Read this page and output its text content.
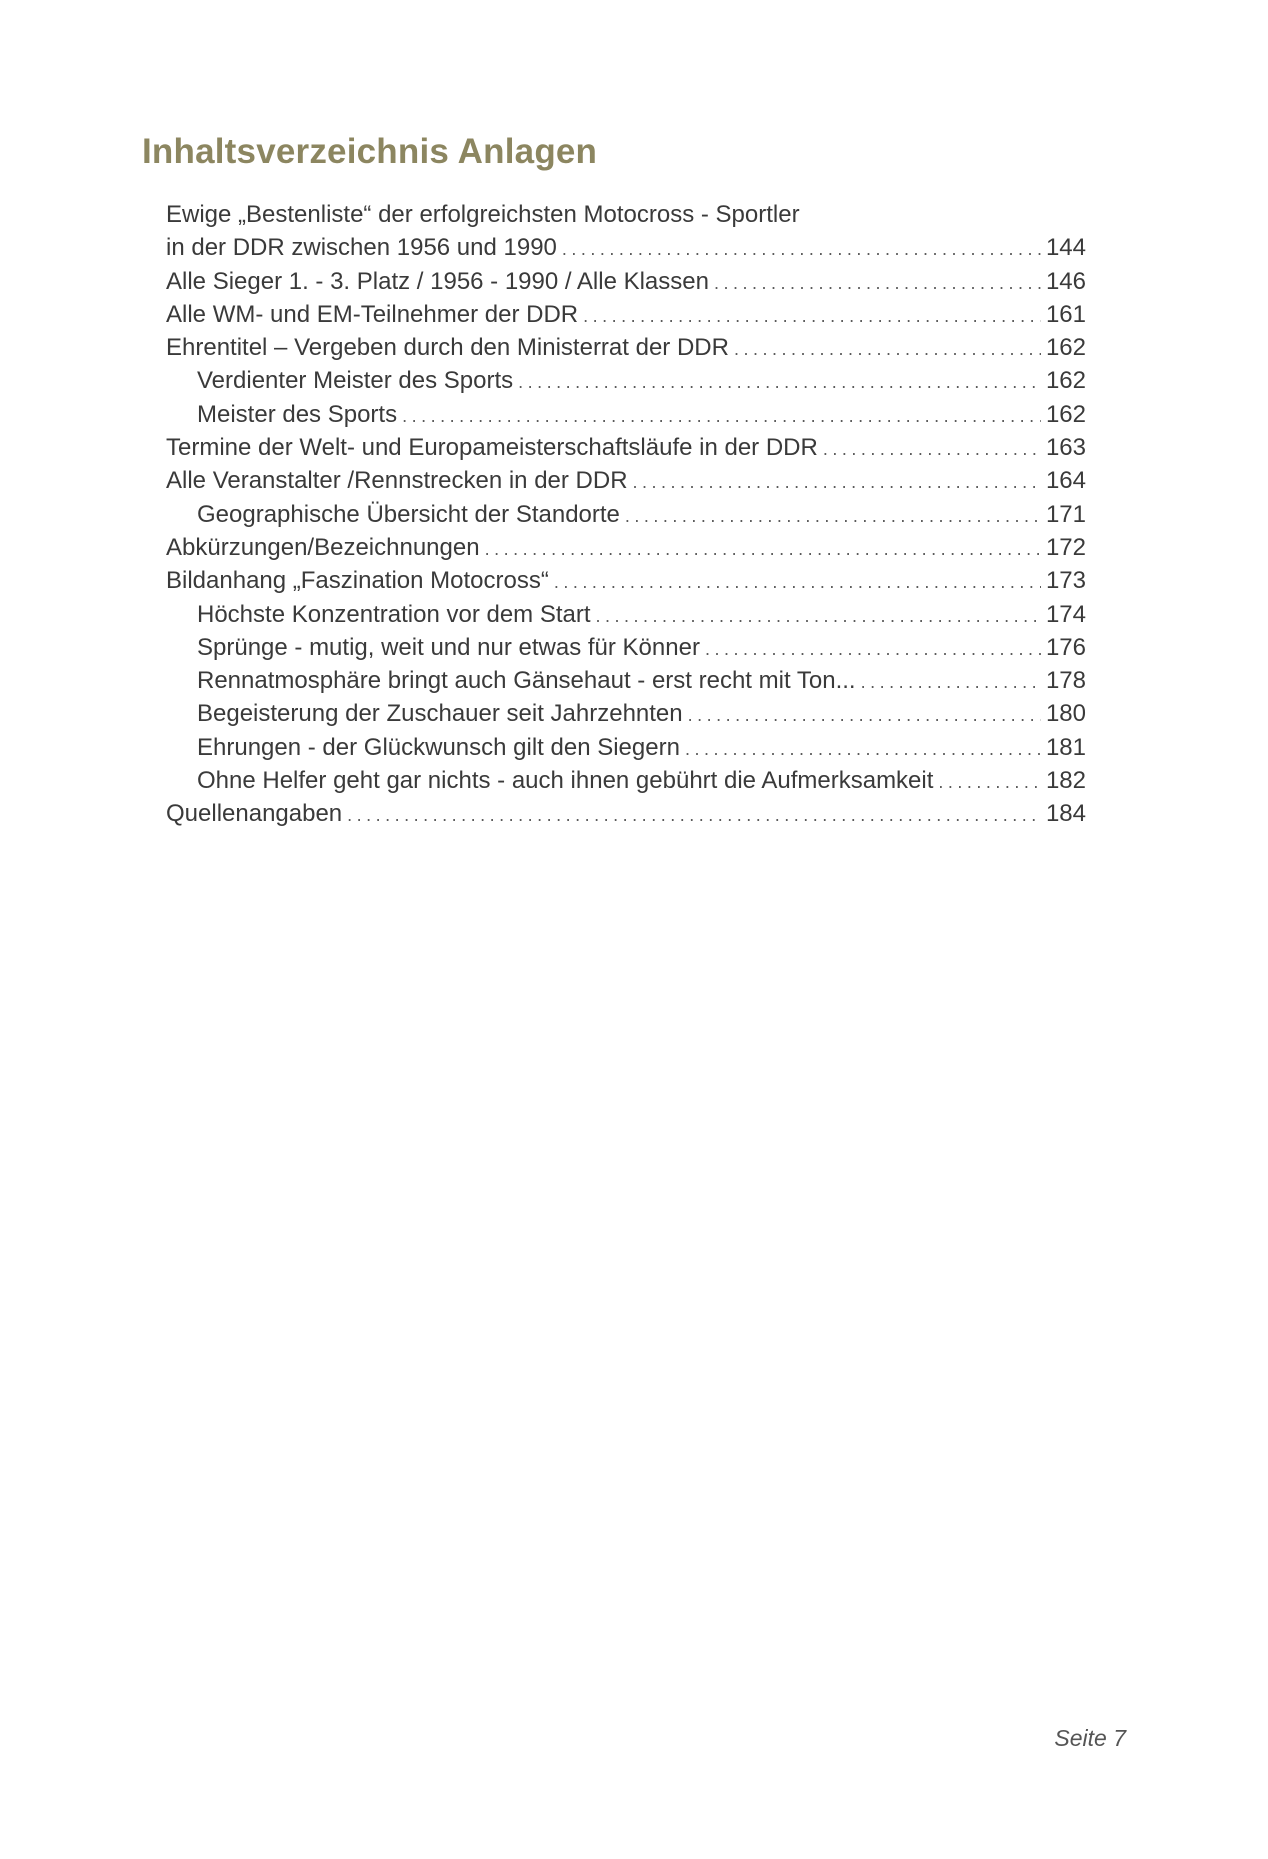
Inhaltsverzeichnis Anlagen
Ewige „Bestenliste“ der erfolgreichsten Motocross - Sportler
in der DDR zwischen 1956 und 1990 .....	144
Alle Sieger 1. - 3. Platz / 1956 - 1990 / Alle Klassen .....	146
Alle WM- und EM-Teilnehmer der DDR .....	161
Ehrentitel – Vergeben durch den Ministerrat der DDR .....	162
Verdienter Meister des Sports .....	162
Meister des Sports .....	162
Termine der Welt- und Europameisterschaftsläufe in der DDR .....	163
Alle Veranstalter /Rennstrecken in der DDR .....	164
Geographische Übersicht der Standorte .....	171
Abkürzungen/Bezeichnungen .....	172
Bildanhang „Faszination Motocross“ .....	173
Höchste Konzentration vor dem Start .....	174
Sprünge - mutig, weit und nur etwas für Könner .....	176
Rennatmosphäre bringt auch Gänsehaut - erst recht mit Ton... .....	178
Begeisterung der Zuschauer seit Jahrzehnten .....	180
Ehrungen - der Glückwunsch gilt den Siegern .....	181
Ohne Helfer geht gar nichts - auch ihnen gebührt die Aufmerksamkeit .....	182
Quellenangaben .....	184

Seite 7
